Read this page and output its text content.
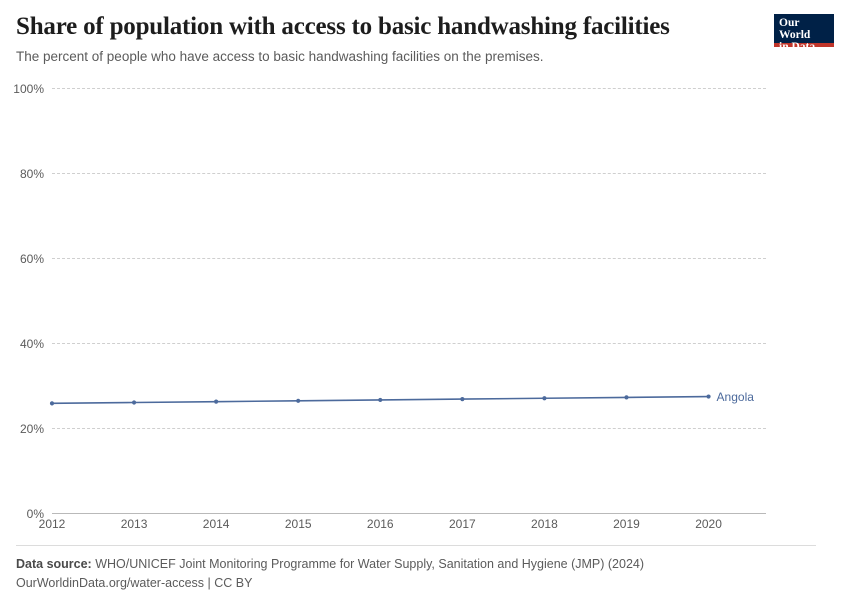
Share of population with access to basic handwashing facilities

The percent of people who have access to basic handwashing facilities on the premises.

Our World
in Data
0%
20%
40%
60%
80%
100%
Angola
2012	2013	2014	2015	2016	2017	2018	2019	2020
Data source: WHO/UNICEF Joint Monitoring Programme for Water Supply, Sanitation and Hygiene (JMP) (2024)
OurWorldinData.org/water-access | CC BY
